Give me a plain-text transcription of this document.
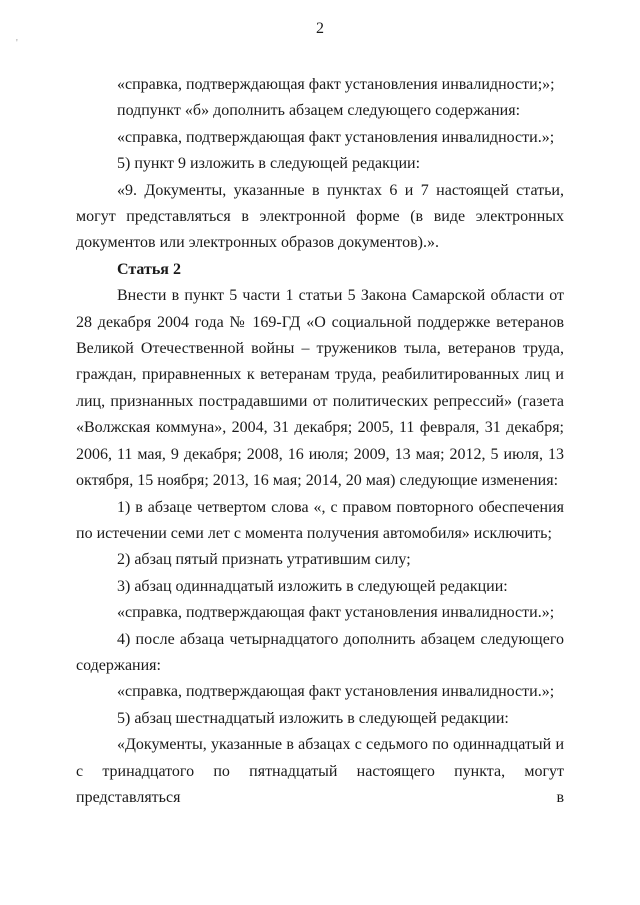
'
2

«справка, подтверждающая факт установления инвалидности;»;

подпункт «б» дополнить абзацем следующего содержания:

«справка, подтверждающая факт установления инвалидности.»;

5) пункт 9 изложить в следующей редакции:

«9. Документы, указанные в пунктах 6 и 7 настоящей статьи, могут представляться в электронной форме (в виде электронных документов или электронных образов документов).».

Статья 2

Внести в пункт 5 части 1 статьи 5 Закона Самарской области от 28 декабря 2004 года № 169-ГД «О социальной поддержке ветеранов Великой Отечественной войны – тружеников тыла, ветеранов труда, граждан, приравненных к ветеранам труда, реабилитированных лиц и лиц, признанных пострадавшими от политических репрессий» (газета «Волжская коммуна», 2004, 31 декабря; 2005, 11 февраля, 31 декабря; 2006, 11 мая, 9 декабря; 2008, 16 июля; 2009, 13 мая; 2012, 5 июля, 13 октября, 15 ноября; 2013, 16 мая; 2014, 20 мая) следующие изменения:

1) в абзаце четвертом слова «, с правом повторного обеспечения по истечении семи лет с момента получения автомобиля» исключить;

2) абзац пятый признать утратившим силу;

3) абзац одиннадцатый изложить в следующей редакции:

«справка, подтверждающая факт установления инвалидности.»;

4) после абзаца четырнадцатого дополнить абзацем следующего содержания:

«справка, подтверждающая факт установления инвалидности.»;

5) абзац шестнадцатый изложить в следующей редакции:

«Документы, указанные в абзацах с седьмого по одиннадцатый и с тринадцатого по пятнадцатый настоящего пункта, могут представляться в
